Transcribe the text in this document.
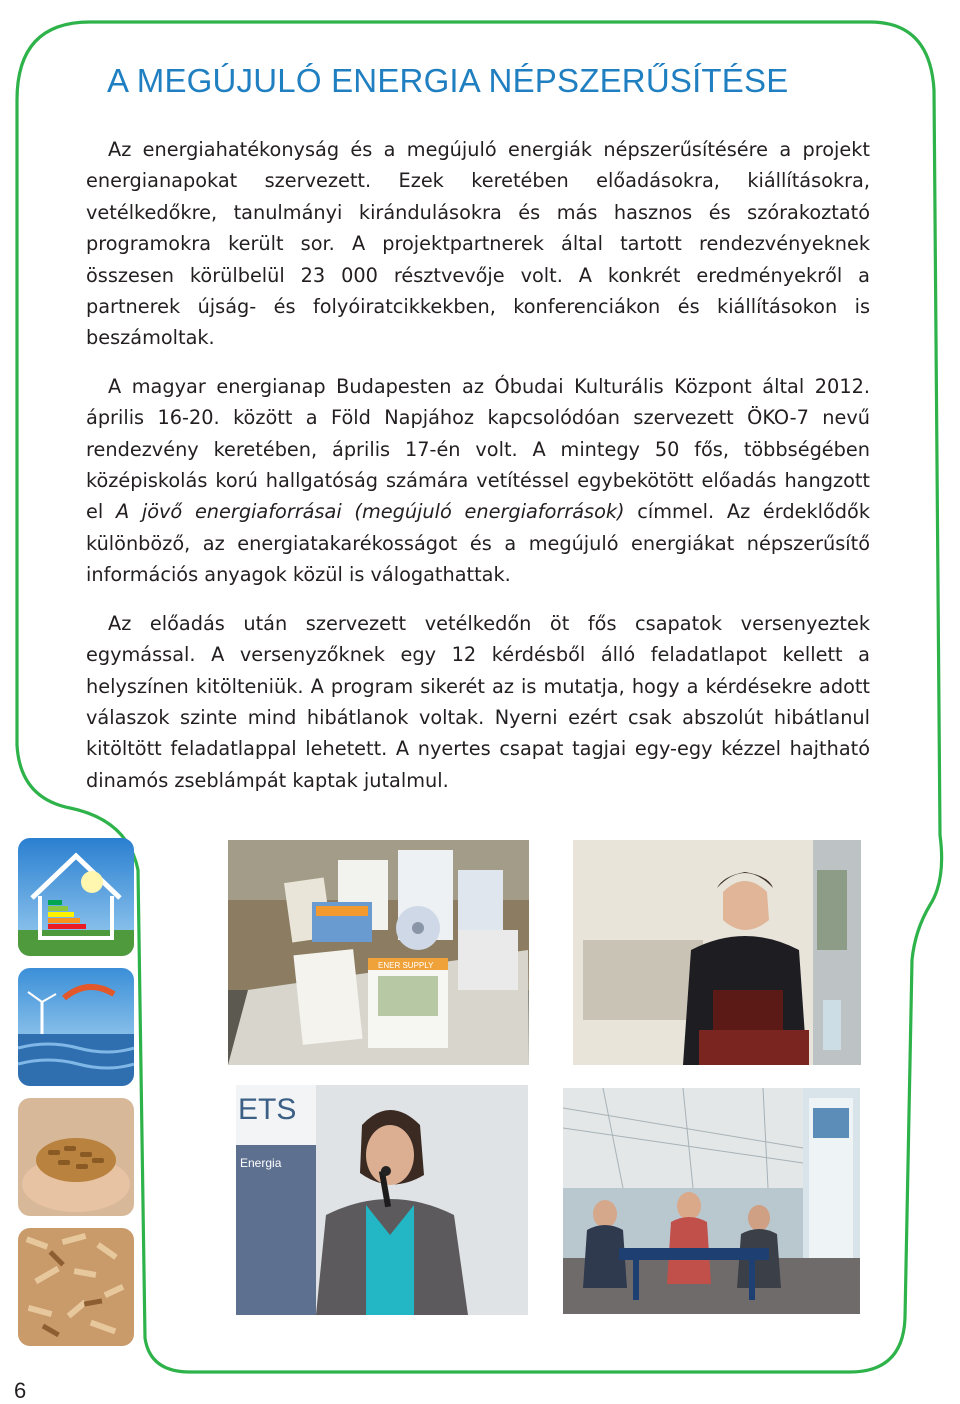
A MEGÚJULÓ ENERGIA NÉPSZERŰSÍTÉSE

Az energiahatékonyság és a megújuló energiák népszerűsítésére a projekt energianapokat szervezett. Ezek keretében előadásokra, kiállításokra, vetélkedőkre, tanulmányi kirándulásokra és más hasznos és szórakoztató programokra került sor. A projektpartnerek által tartott rendezvényeknek összesen körülbelül 23 000 résztvevője volt. A konkrét eredményekről a partnerek újság- és folyóiratcikkekben, konferenciákon és kiállításokon is beszámoltak.

A magyar energianap Budapesten az Óbudai Kulturális Központ által 2012. április 16-20. között a Föld Napjához kapcsolódóan szervezett ÖKO-7 nevű rendezvény keretében, április 17-én volt. A mintegy 50 fős, többségében középiskolás korú hallgatóság számára vetítéssel egybekötött előadás hangzott el A jövő energiaforrásai (megújuló energiaforrások) címmel. Az érdeklődők különböző, az energiatakarékosságot és a megújuló energiákat népszerűsítő információs anyagok közül is válogathattak.

Az előadás után szervezett vetélkedőn öt fős csapatok versenyeztek egymással. A versenyzőknek egy 12 kérdésből álló feladatlapot kellett a helyszínen kitölteniük. A program sikerét az is mutatja, hogy a kérdésekre adott válaszok szinte mind hibátlanok voltak. Nyerni ezért csak abszolút hibátlanul kitöltött feladatlappal lehetett. A nyertes csapat tagjai egy-egy kézzel hajtható dinamós zseblámpát kaptak jutalmul.

ENER SUPPLY
ETS
Energia
6
